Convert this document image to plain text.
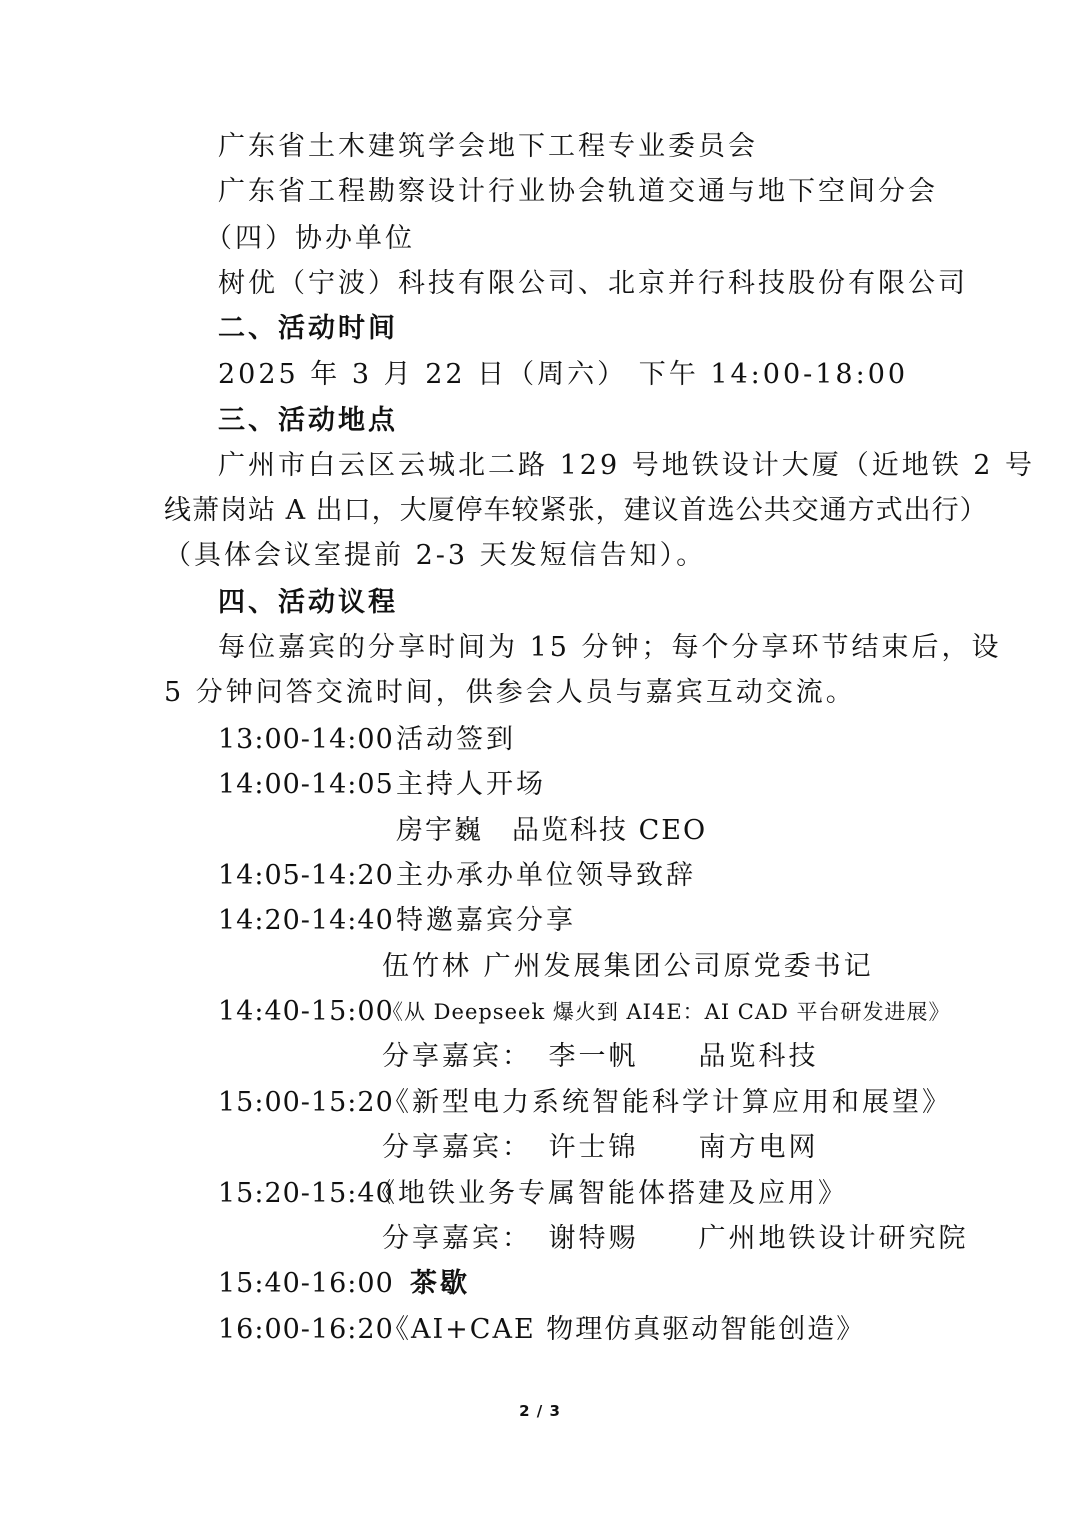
广东省土木建筑学会地下工程专业委员会
广东省工程勘察设计行业协会轨道交通与地下空间分会
（四）协办单位
树优（宁波）科技有限公司、北京并行科技股份有限公司
二、活动时间
2025 年 3 月 22 日（周六） 下午 14:00-18:00
三、活动地点
广州市白云区云城北二路 129 号地铁设计大厦（近地铁 2 号
线萧岗站 A 出口，大厦停车较紧张，建议首选公共交通方式出行）
（具体会议室提前 2-3 天发短信告知）。
四、活动议程
每位嘉宾的分享时间为 15 分钟；每个分享环节结束后，设
5 分钟问答交流时间，供参会人员与嘉宾互动交流。
13:00-14:00 活动签到
14:00-14:05 主持人开场
房宇巍　品览科技 CEO
14:05-14:20 主办承办单位领导致辞
14:20-14:40 特邀嘉宾分享
伍竹林 广州发展集团公司原党委书记
14:40-15:00
《从 Deepseek 爆火到 AI4E：AI CAD 平台研发进展》
分享嘉宾：　李一帆　　品览科技
15:00-15:20
《新型电力系统智能科学计算应用和展望》
分享嘉宾：　许士锦　　南方电网
15:20-15:40
《地铁业务专属智能体搭建及应用》
分享嘉宾：　谢特赐　　广州地铁设计研究院
15:40-16:00 茶歇
16:00-16:20
《AI+CAE 物理仿真驱动智能创造》
2 / 3
